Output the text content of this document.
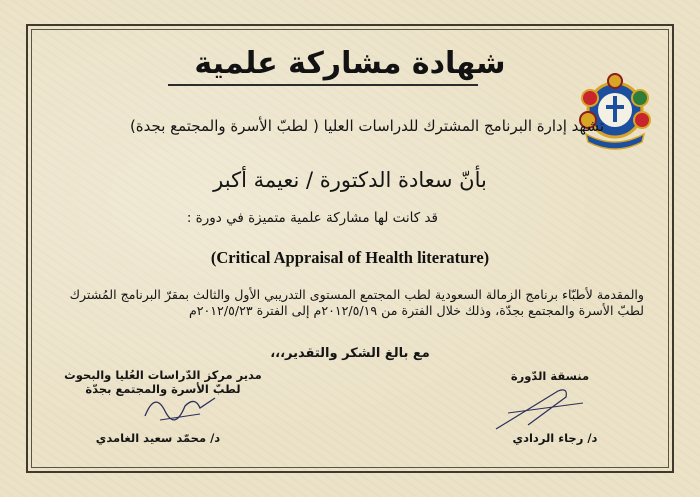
شهادة مشاركة علمية
تشهد إدارة البرنامج المشترك للدراسات العليا ( لطبّ الأسرة والمجتمع بجدة)
بأنّ سعادة الدكتورة / نعيمة أكبر
قد كانت لها مشاركة علمية متميزة في دورة :
(Critical Appraisal of Health literature)
والمقدمة لأطبّاء برنامج الزمالة السعودية لطب المجتمع المستوى التدريبي الأول والثالث بمقرّ البرنامج المُشترك
لطبّ الأسرة والمجتمع بجدّة، وذلك خلال الفترة من ٢٠١٢/٥/١٩م إلى الفترة ٢٠١٢/٥/٢٣م
مع بالغ الشكر والتقدير،،،
مدير مركز الدّراسات العُليا والبحوث
لطبّ الأسرة والمجتمع بجدّة
منسقة الدّورة
د/ محمّد سعيد الغامدي	د/ رجاء الردادي
